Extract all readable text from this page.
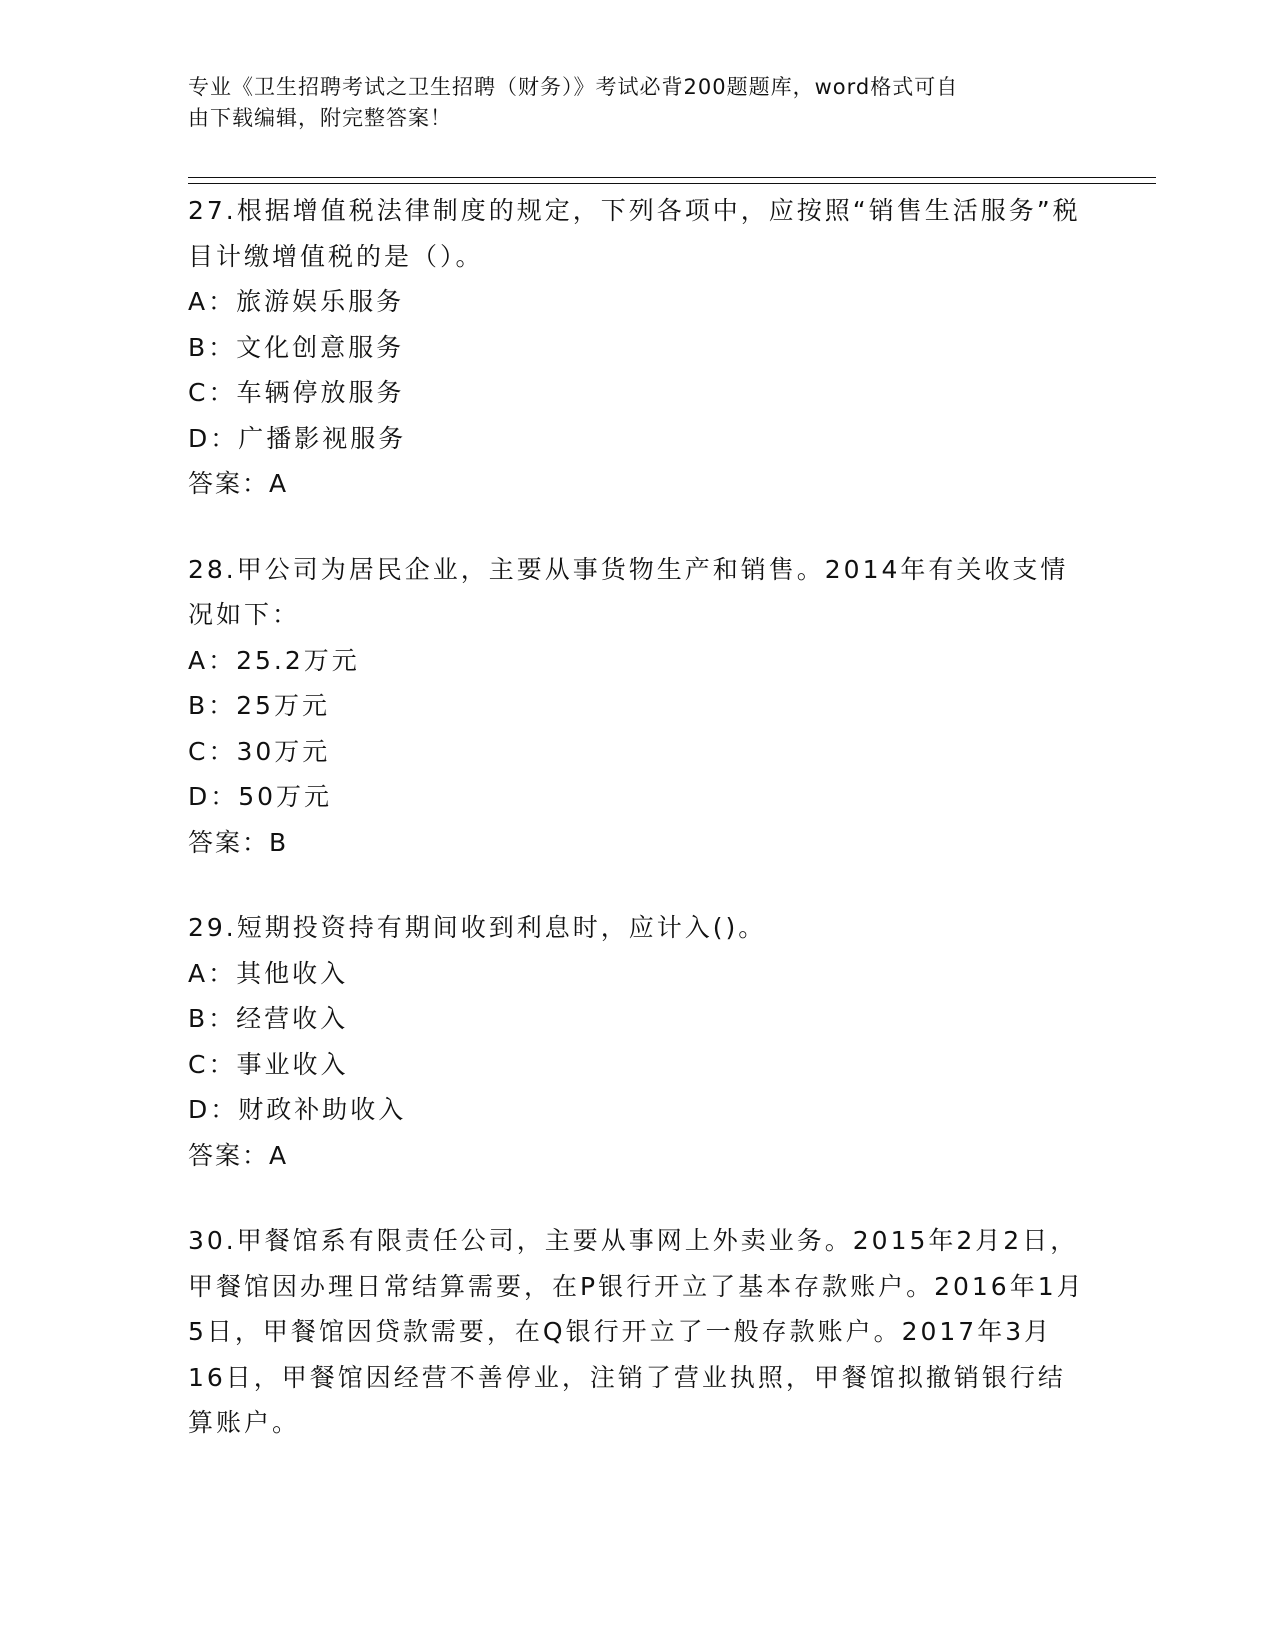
专业《卫生招聘考试之卫生招聘（财务）》考试必背200题题库，word格式可自
由下载编辑，附完整答案！

27.根据增值税法律制度的规定，下列各项中，应按照“销售生活服务”税目计缴增值税的是（）。

A：旅游娱乐服务

B：文化创意服务

C：车辆停放服务

D：广播影视服务

答案：A

28.甲公司为居民企业，主要从事货物生产和销售。2014年有关收支情况如下：

A：25.2万元

B：25万元

C：30万元

D：50万元

答案：B

29.短期投资持有期间收到利息时，应计入()。

A：其他收入

B：经营收入

C：事业收入

D：财政补助收入

答案：A

30.甲餐馆系有限责任公司，主要从事网上外卖业务。2015年2月2日，甲餐馆因办理日常结算需要，在P银行开立了基本存款账户。2016年1月5日，甲餐馆因贷款需要，在Q银行开立了一般存款账户。2017年3月16日，甲餐馆因经营不善停业，注销了营业执照，甲餐馆拟撤销银行结算账户。
